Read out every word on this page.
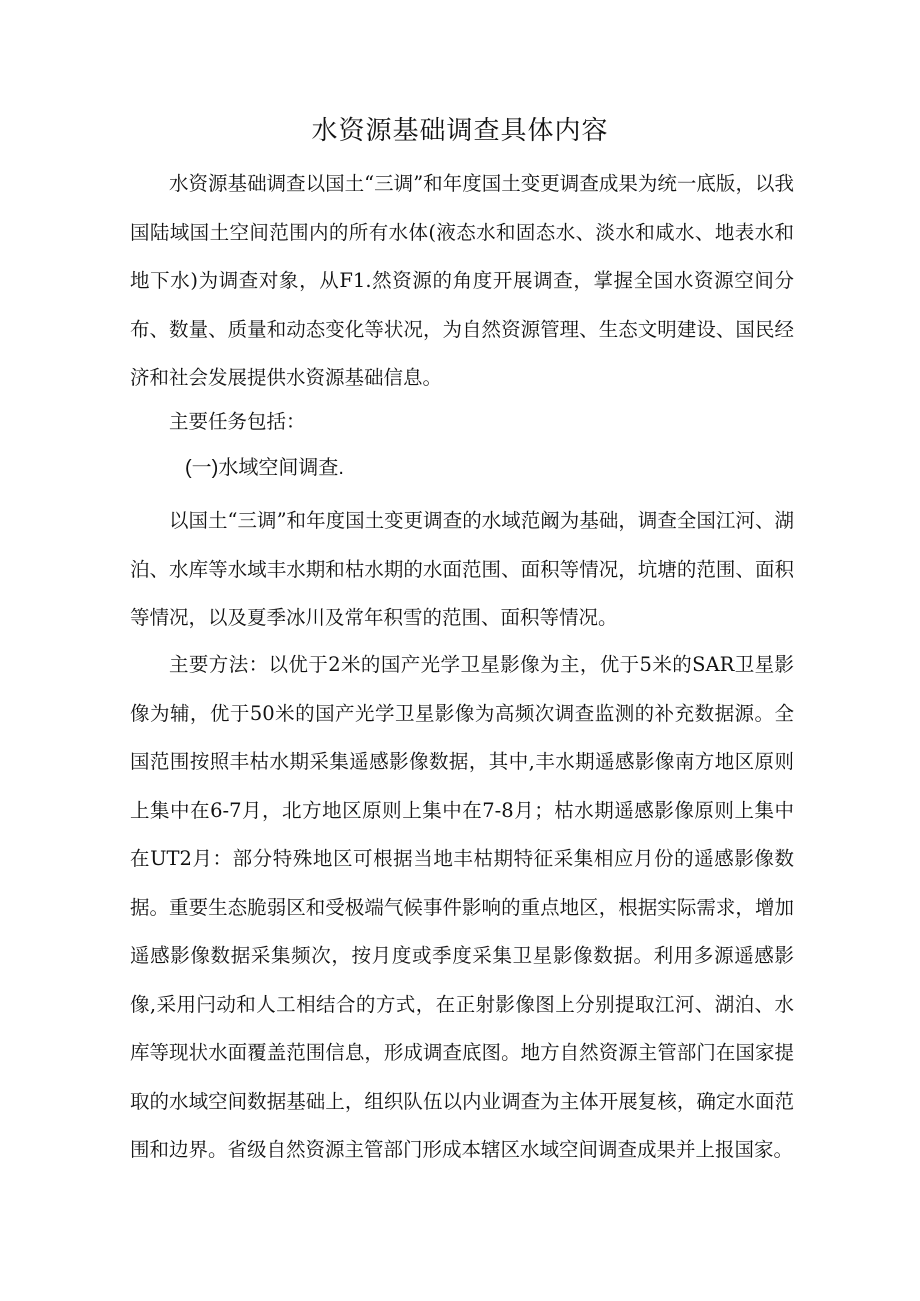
水资源基础调查具体内容

水资源基础调查以国土“三调”和年度国土变更调查成果为统一底版，以我国陆域国土空间范围内的所有水体(液态水和固态水、淡水和咸水、地表水和地下水)为调查对象，从F1.然资源的角度开展调查，掌握全国水资源空间分布、数量、质量和动态变化等状况，为自然资源管理、生态文明建设、国民经济和社会发展提供水资源基础信息。

主要任务包括：

(一)水域空间调查.

以国土“三调”和年度国土变更调查的水域范阚为基础，调查全国江河、湖泊、水库等水域丰水期和枯水期的水面范围、面积等情况，坑塘的范围、面积等情况，以及夏季冰川及常年积雪的范围、面积等情况。

主要方法：以优于2米的国产光学卫星影像为主，优于5米的SAR卫星影像为辅，优于50米的国产光学卫星影像为高频次调查监测的补充数据源。全国范围按照丰枯水期采集遥感影像数据，其中,丰水期遥感影像南方地区原则上集中在6-7月，北方地区原则上集中在7-8月；枯水期遥感影像原则上集中在UT2月：部分特殊地区可根据当地丰枯期特征采集相应月份的遥感影像数据。重要生态脆弱区和受极端气候事件影响的重点地区，根据实际需求，增加遥感影像数据采集频次，按月度或季度采集卫星影像数据。利用多源遥感影像,采用闩动和人工相结合的方式，在正射影像图上分别提取江河、湖泊、水库等现状水面覆盖范围信息，形成调查底图。地方自然资源主管部门在国家提取的水域空间数据基础上，组织队伍以内业调查为主体开展复核，确定水面范围和边界。省级自然资源主管部门形成本辖区水域空间调查成果并上报国家。
